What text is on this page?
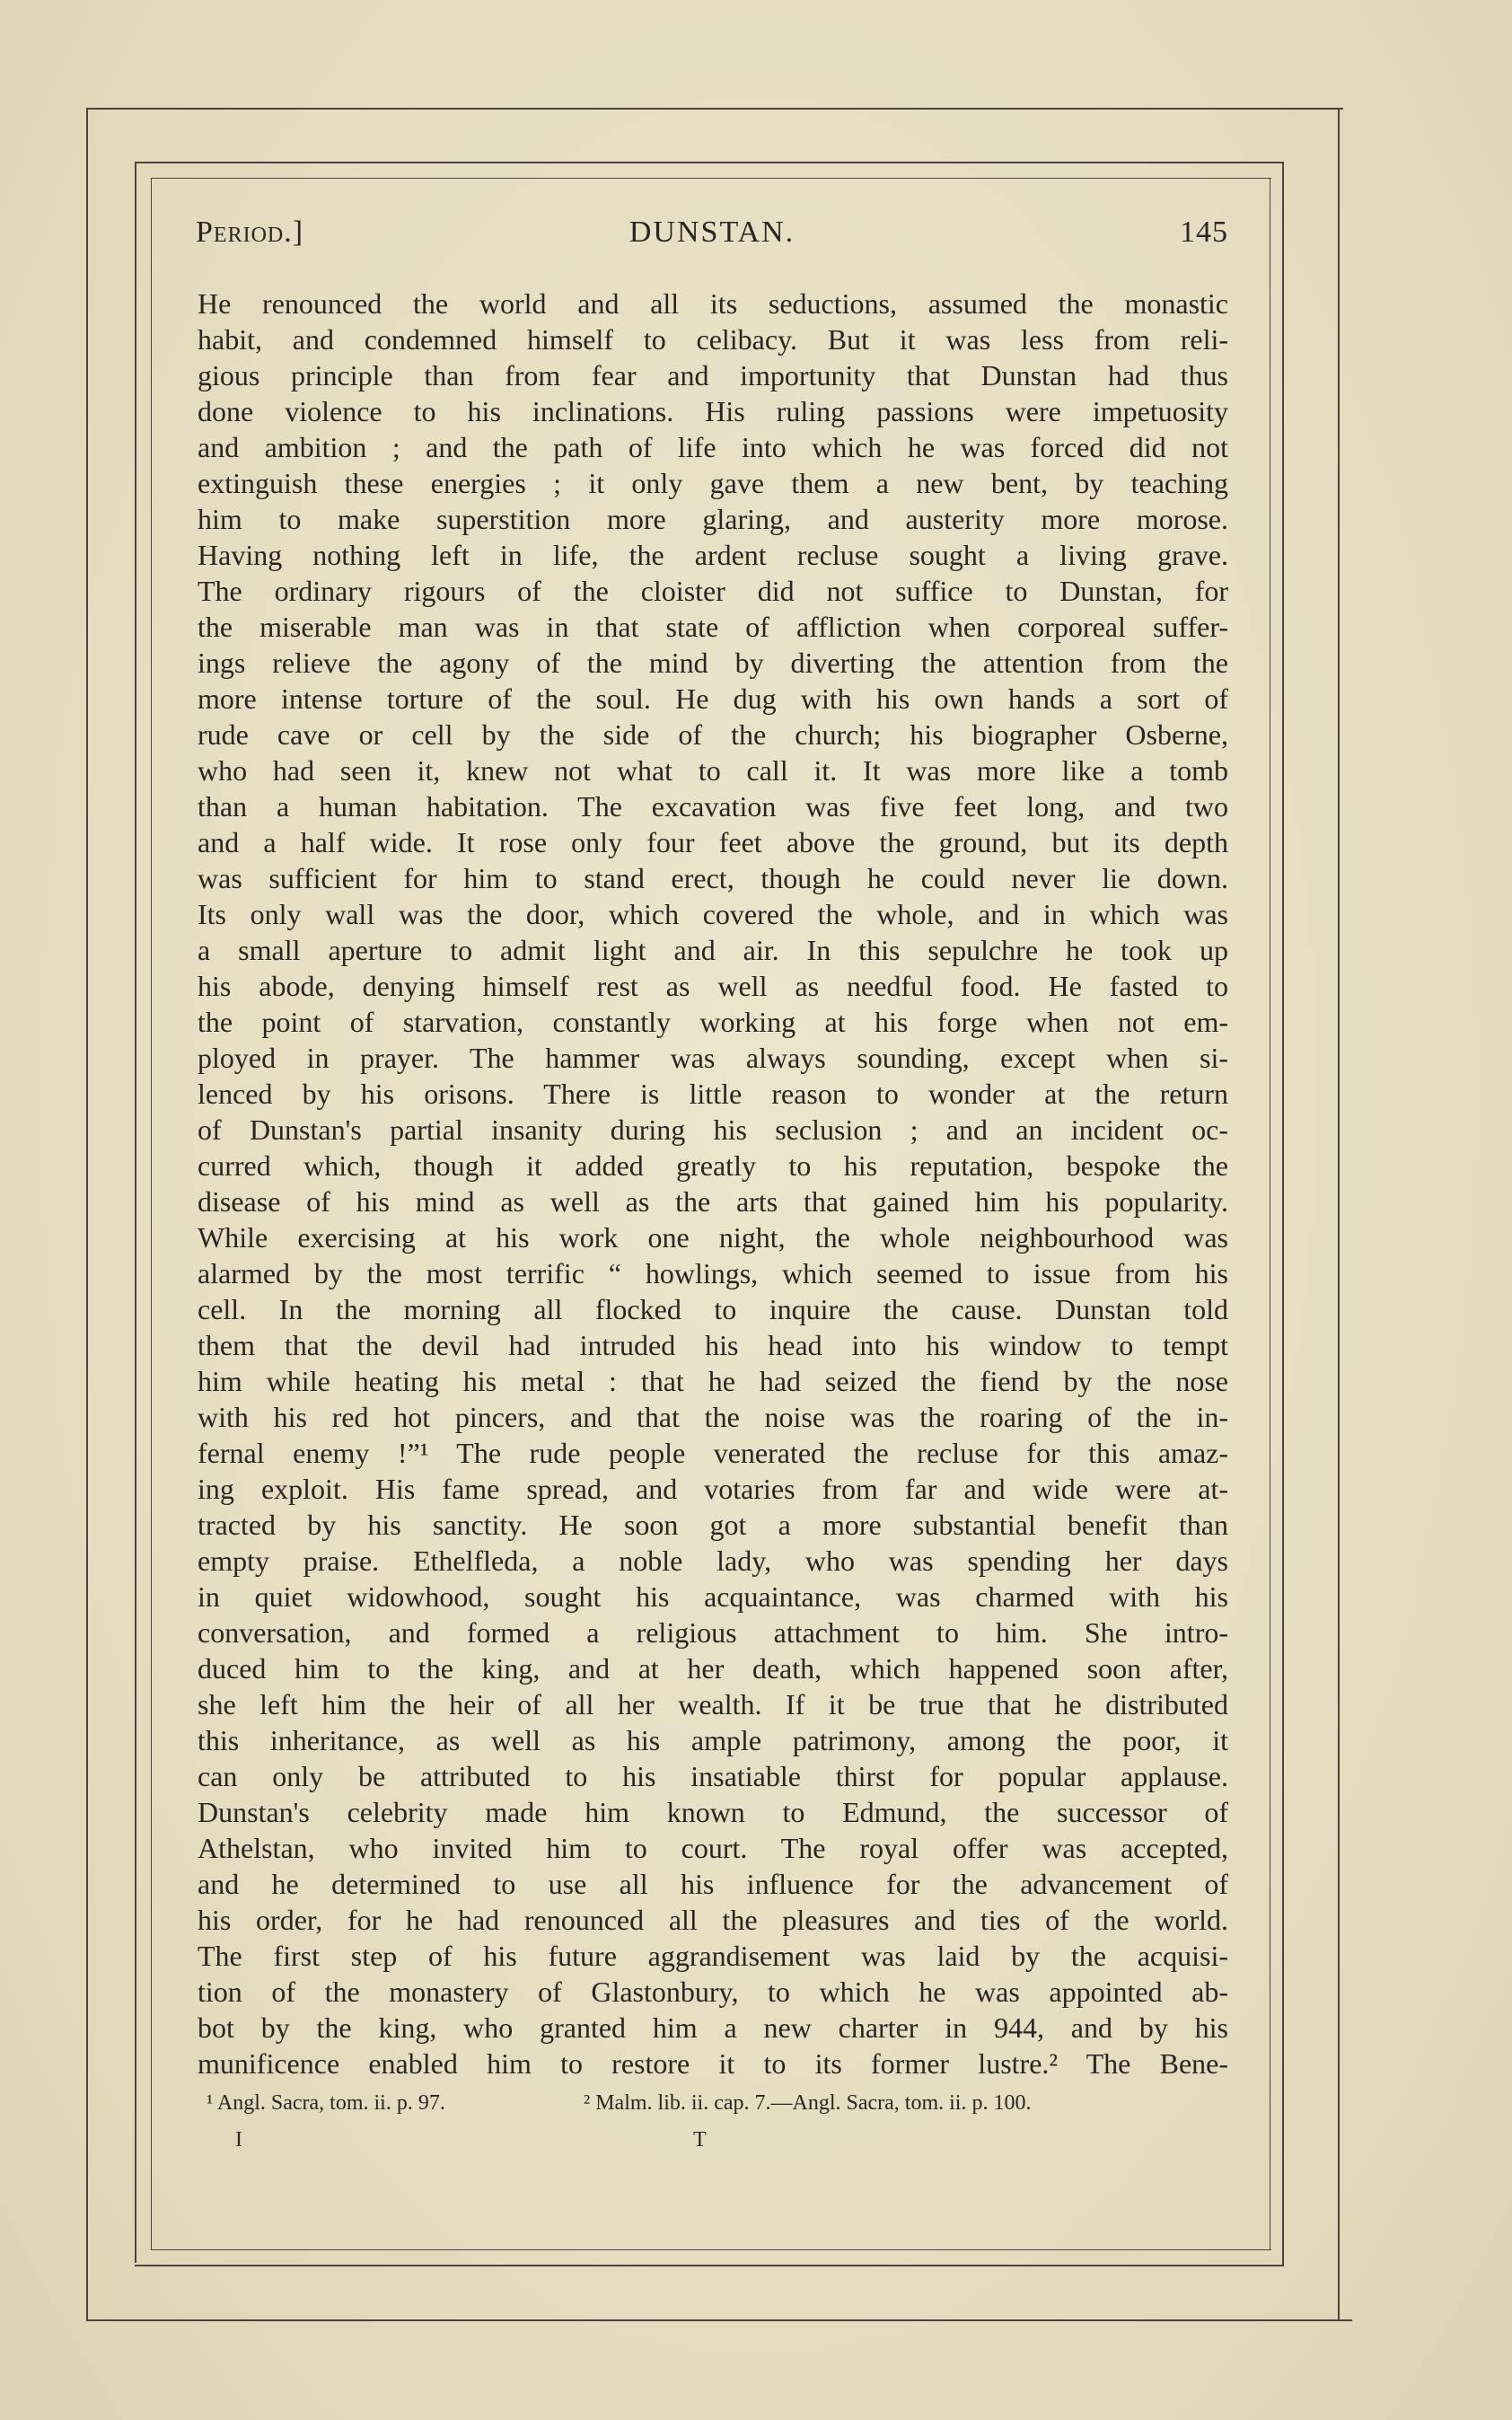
Period.]	DUNSTAN.	145
He renounced the world and all its seductions, assumed the monastic
habit, and condemned himself to celibacy. But it was less from reli-
gious principle than from fear and importunity that Dunstan had thus
done violence to his inclinations. His ruling passions were impetuosity
and ambition ; and the path of life into which he was forced did not
extinguish these energies ; it only gave them a new bent, by teaching
him to make superstition more glaring, and austerity more morose.
Having nothing left in life, the ardent recluse sought a living grave.
The ordinary rigours of the cloister did not suffice to Dunstan, for
the miserable man was in that state of affliction when corporeal suffer-
ings relieve the agony of the mind by diverting the attention from the
more intense torture of the soul. He dug with his own hands a sort of
rude cave or cell by the side of the church; his biographer Osberne,
who had seen it, knew not what to call it. It was more like a tomb
than a human habitation. The excavation was five feet long, and two
and a half wide. It rose only four feet above the ground, but its depth
was sufficient for him to stand erect, though he could never lie down.
Its only wall was the door, which covered the whole, and in which was
a small aperture to admit light and air. In this sepulchre he took up
his abode, denying himself rest as well as needful food. He fasted to
the point of starvation, constantly working at his forge when not em-
ployed in prayer. The hammer was always sounding, except when si-
lenced by his orisons. There is little reason to wonder at the return
of Dunstan's partial insanity during his seclusion ; and an incident oc-
curred which, though it added greatly to his reputation, bespoke the
disease of his mind as well as the arts that gained him his popularity.
While exercising at his work one night, the whole neighbourhood was
alarmed by the most terrific “ howlings, which seemed to issue from his
cell. In the morning all flocked to inquire the cause. Dunstan told
them that the devil had intruded his head into his window to tempt
him while heating his metal : that he had seized the fiend by the nose
with his red hot pincers, and that the noise was the roaring of the in-
fernal enemy !”¹ The rude people venerated the recluse for this amaz-
ing exploit. His fame spread, and votaries from far and wide were at-
tracted by his sanctity. He soon got a more substantial benefit than
empty praise. Ethelfleda, a noble lady, who was spending her days
in quiet widowhood, sought his acquaintance, was charmed with his
conversation, and formed a religious attachment to him. She intro-
duced him to the king, and at her death, which happened soon after,
she left him the heir of all her wealth. If it be true that he distributed
this inheritance, as well as his ample patrimony, among the poor, it
can only be attributed to his insatiable thirst for popular applause.
Dunstan's celebrity made him known to Edmund, the successor of
Athelstan, who invited him to court. The royal offer was accepted,
and he determined to use all his influence for the advancement of
his order, for he had renounced all the pleasures and ties of the world.
The first step of his future aggrandisement was laid by the acquisi-
tion of the monastery of Glastonbury, to which he was appointed ab-
bot by the king, who granted him a new charter in 944, and by his
munificence enabled him to restore it to its former lustre.² The Bene-
¹ Angl. Sacra, tom. ii. p. 97.	² Malm. lib. ii. cap. 7.—Angl. Sacra, tom. ii. p. 100.
I	T
